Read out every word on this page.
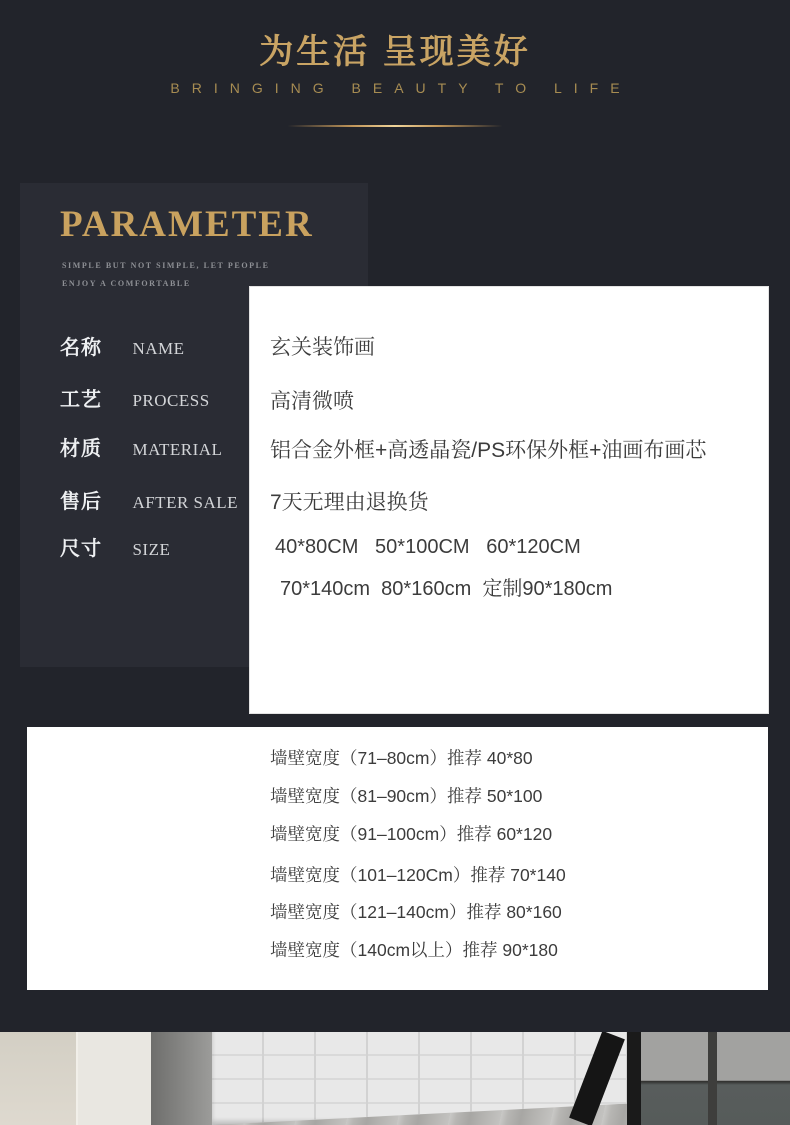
为生活 呈现美好
BRINGING BEAUTY TO LIFE
PARAMETER
SIMPLE BUT NOT SIMPLE, LET PEOPLE
ENJOY A COMFORTABLE
名称 NAME
工艺 PROCESS
材质 MATERIAL
售后 AFTER SALE
尺寸 SIZE
玄关装饰画
高清微喷
铝合金外框+高透晶瓷/PS环保外框+油画布画芯
7天无理由退换货
40*80CM   50*100CM   60*120CM
70*140cm  80*160cm  定制90*180cm
墙壁宽度（71–80cm）推荐 40*80
墙壁宽度（81–90cm）推荐 50*100
墙壁宽度（91–100cm）推荐 60*120
墙壁宽度（101–120Cm）推荐 70*140
墙壁宽度（121–140cm）推荐 80*160
墙壁宽度（140cm以上）推荐 90*180
